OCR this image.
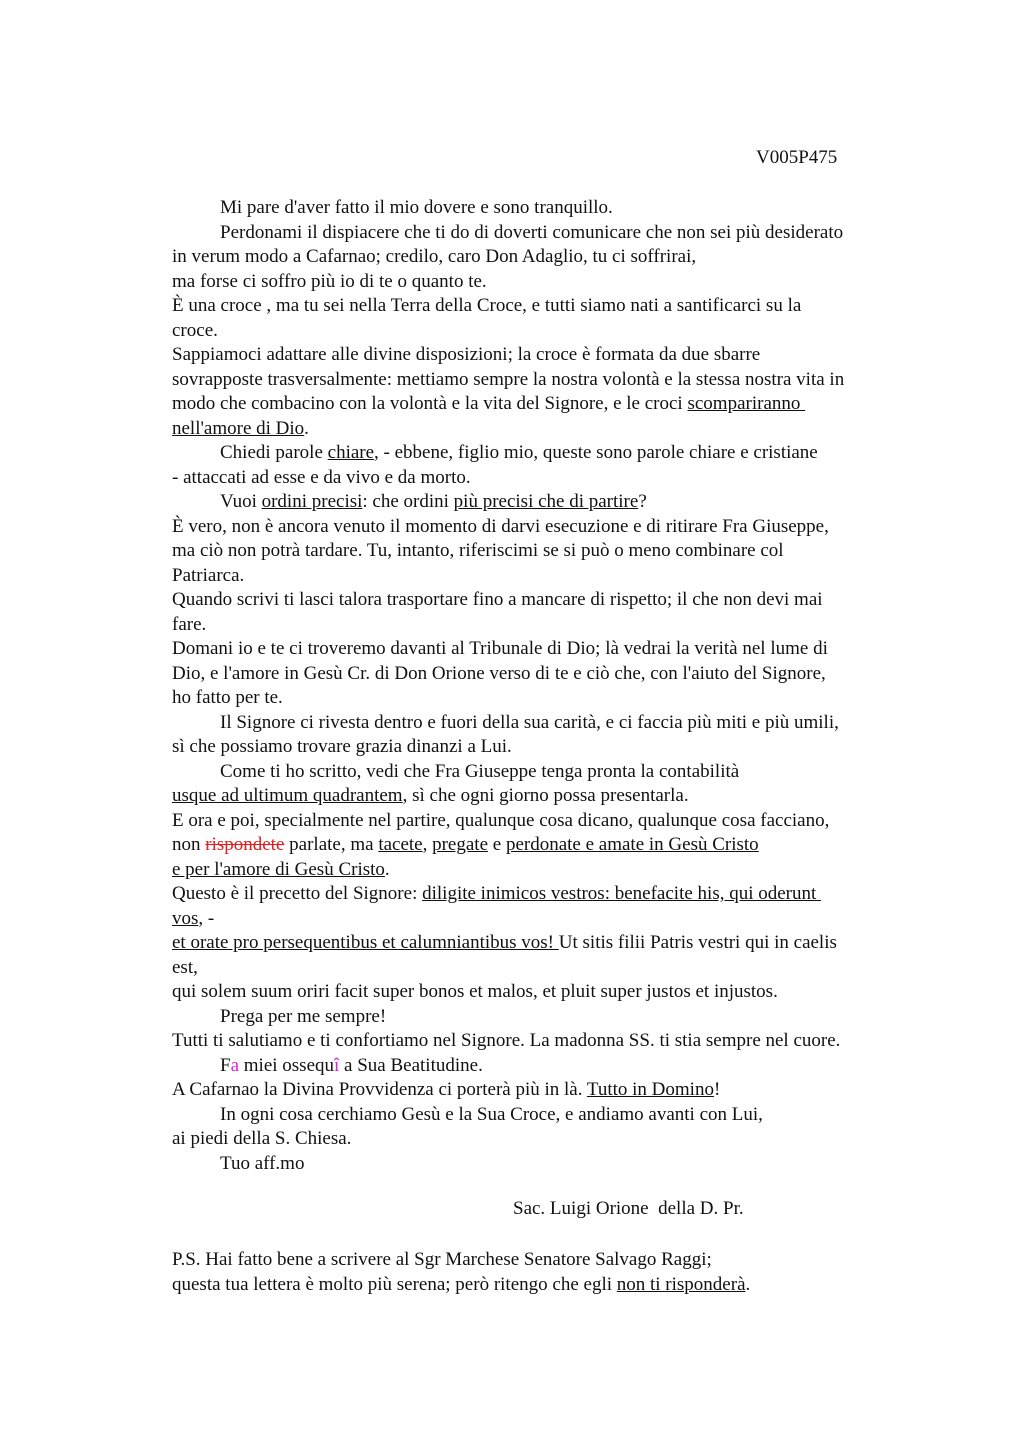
V005P475
Mi pare d'aver fatto il mio dovere e sono tranquillo.
Perdonami il dispiacere che ti do di doverti comunicare che non sei più desiderato
in verum modo a Cafarnao; credilo, caro Don Adaglio, tu ci soffrirai,
ma forse ci soffro più io di te o quanto te.
È una croce , ma tu sei nella Terra della Croce, e tutti siamo nati a santificarci su la
croce.
Sappiamoci adattare alle divine disposizioni; la croce è formata da due sbarre
sovrapposte trasversalmente: mettiamo sempre la nostra volontà e la stessa nostra vita in
modo che combacino con la volontà e la vita del Signore, e le croci scompariranno
nell'amore di Dio.
Chiedi parole chiare, - ebbene, figlio mio, queste sono parole chiare e cristiane
- attaccati ad esse e da vivo e da morto.
Vuoi ordini precisi: che ordini più precisi che di partire?
È vero, non è ancora venuto il momento di darvi esecuzione e di ritirare Fra Giuseppe,
ma ciò non potrà tardare. Tu, intanto, riferiscimi se si può o meno combinare col
Patriarca.
Quando scrivi ti lasci talora trasportare fino a mancare di rispetto; il che non devi mai
fare.
Domani io e te ci troveremo davanti al Tribunale di Dio; là vedrai la verità nel lume di
Dio, e l'amore in Gesù Cr. di Don Orione verso di te e ciò che, con l'aiuto del Signore,
ho fatto per te.
Il Signore ci rivesta dentro e fuori della sua carità, e ci faccia più miti e più umili,
sì che possiamo trovare grazia dinanzi a Lui.
Come ti ho scritto, vedi che Fra Giuseppe tenga pronta la contabilità
usque ad ultimum quadrantem, sì che ogni giorno possa presentarla.
E ora e poi, specialmente nel partire, qualunque cosa dicano, qualunque cosa facciano,
non rispondete parlate, ma tacete, pregate e perdonate e amate in Gesù Cristo
e per l'amore di Gesù Cristo.
Questo è il precetto del Signore: diligite inimicos vestros: benefacite his, qui oderunt
vos, -
et orate pro persequentibus et calumniantibus vos! Ut sitis filii Patris vestri qui in caelis
est,
qui solem suum oriri facit super bonos et malos, et pluit super justos et injustos.
Prega per me sempre!
Tutti ti salutiamo e ti confortiamo nel Signore. La madonna SS. ti stia sempre nel cuore.
Fa miei ossequî a Sua Beatitudine.
A Cafarnao la Divina Provvidenza ci porterà più in là. Tutto in Domino!
In ogni cosa cerchiamo Gesù e la Sua Croce, e andiamo avanti con Lui,
ai piedi della S. Chiesa.
Tuo aff.mo
Sac. Luigi Orione  della D. Pr.
P.S. Hai fatto bene a scrivere al Sgr Marchese Senatore Salvago Raggi;
questa tua lettera è molto più serena; però ritengo che egli non ti risponderà.
